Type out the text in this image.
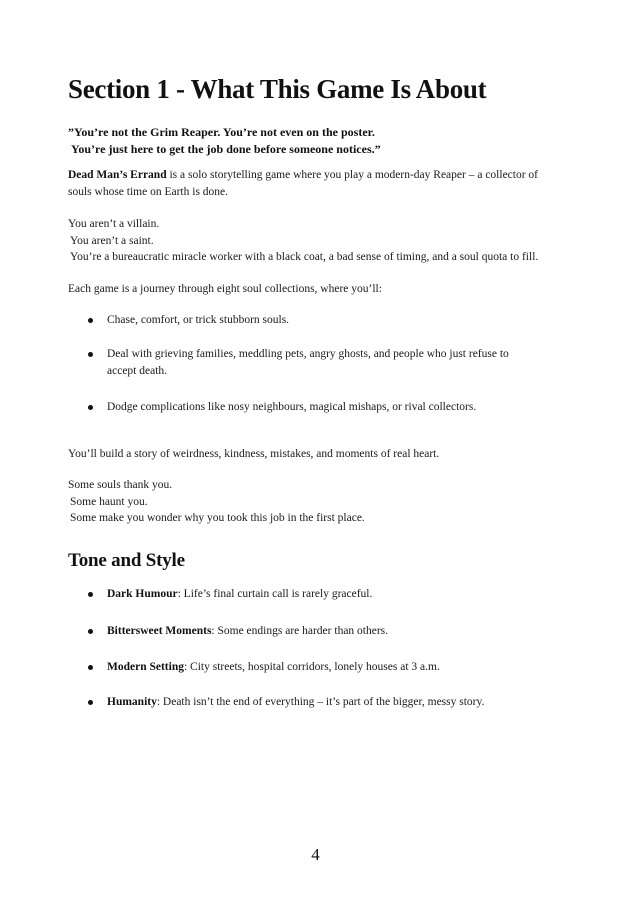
Section 1 - What This Game Is About

”You’re not the Grim Reaper. You’re not even on the poster.
You’re just here to get the job done before someone notices.”

Dead Man’s Errand is a solo storytelling game where you play a modern-day Reaper – a collector of souls whose time on Earth is done.

You aren’t a villain.
You aren’t a saint.
You’re a bureaucratic miracle worker with a black coat, a bad sense of timing, and a soul quota to fill.

Each game is a journey through eight soul collections, where you’ll:

Chase, comfort, or trick stubborn souls.
Deal with grieving families, meddling pets, angry ghosts, and people who just refuse to accept death.
Dodge complications like nosy neighbours, magical mishaps, or rival collectors.

You’ll build a story of weirdness, kindness, mistakes, and moments of real heart.

Some souls thank you.
Some haunt you.
Some make you wonder why you took this job in the first place.
Tone and Style
Dark Humour: Life’s final curtain call is rarely graceful.
Bittersweet Moments: Some endings are harder than others.
Modern Setting: City streets, hospital corridors, lonely houses at 3 a.m.
Humanity: Death isn’t the end of everything – it’s part of the bigger, messy story.
4
